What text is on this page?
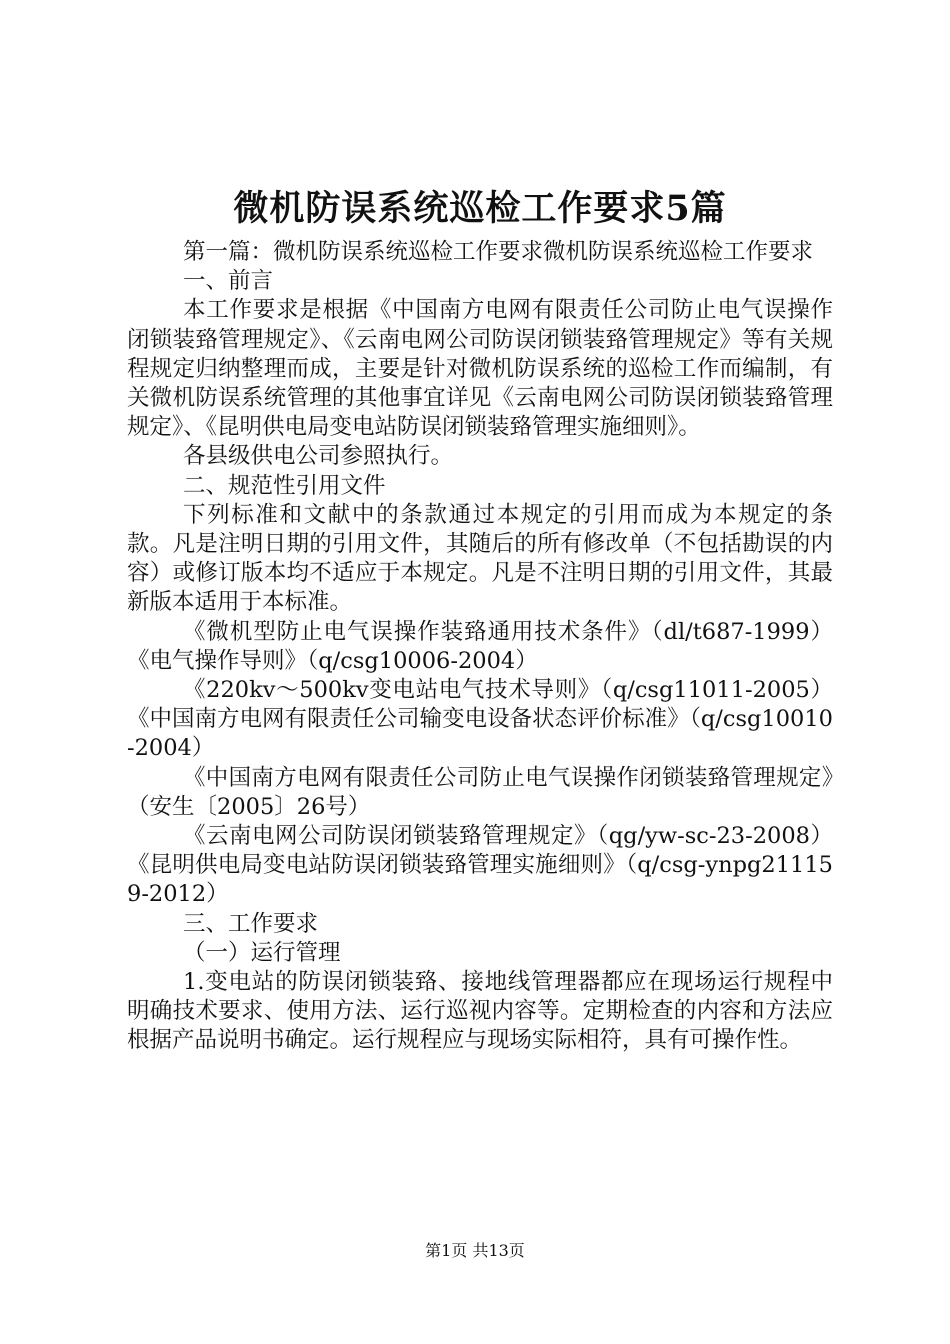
微机防误系统巡检工作要求5篇

第一篇：微机防误系统巡检工作要求微机防误系统巡检工作要求

一、前言

本工作要求是根据《中国南方电网有限责任公司防止电气误操作闭锁装臵管理规定》、《云南电网公司防误闭锁装臵管理规定》等有关规程规定归纳整理而成，主要是针对微机防误系统的巡检工作而编制，有关微机防误系统管理的其他事宜详见《云南电网公司防误闭锁装臵管理规定》、《昆明供电局变电站防误闭锁装臵管理实施细则》。

各县级供电公司参照执行。

二、规范性引用文件

下列标准和文献中的条款通过本规定的引用而成为本规定的条款。凡是注明日期的引用文件，其随后的所有修改单（不包括勘误的内容）或修订版本均不适应于本规定。凡是不注明日期的引用文件，其最新版本适用于本标准。

《微机型防止电气误操作装臵通用技术条件》（dl/t687-1999）《电气操作导则》（q/csg10006-2004）

《220kv～500kv变电站电气技术导则》（q/csg11011-2005）《中国南方电网有限责任公司输变电设备状态评价标准》（q/csg10010-2004）

《中国南方电网有限责任公司防止电气误操作闭锁装臵管理规定》（安生〔2005〕26号）

《云南电网公司防误闭锁装臵管理规定》（qg/yw-sc-23-2008）《昆明供电局变电站防误闭锁装臵管理实施细则》（q/csg-ynpg211159-2012）

三、工作要求

（一）运行管理

1.变电站的防误闭锁装臵、接地线管理器都应在现场运行规程中明确技术要求、使用方法、运行巡视内容等。定期检查的内容和方法应根据产品说明书确定。运行规程应与现场实际相符，具有可操作性。

第1页 共13页
